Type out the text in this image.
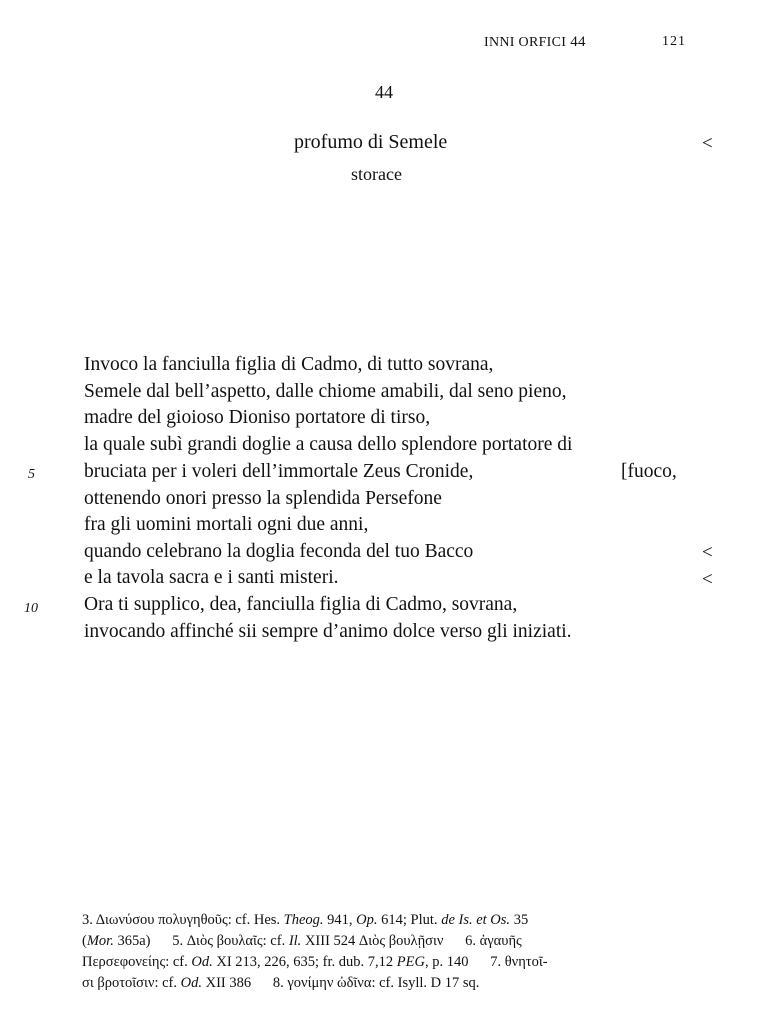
INNI ORFICI 44	121
44
profumo di Semele	<
storace
Invoco la fanciulla figlia di Cadmo, di tutto sovrana,
Semele dal bell’aspetto, dalle chiome amabili, dal seno pieno,
madre del gioioso Dioniso portatore di tirso,
la quale subì grandi doglie a causa dello splendore portatore di
5	bruciata per i voleri dell’immortale Zeus Cronide,	[fuoco,
ottenendo onori presso la splendida Persefone
fra gli uomini mortali ogni due anni,
quando celebrano la doglia feconda del tuo Bacco	<
e la tavola sacra e i santi misteri.	<
10 Ora ti supplico, dea, fanciulla figlia di Cadmo, sovrana,
invocando affinché sii sempre d’animo dolce verso gli iniziati.
3. Διωνύσου πολυγηθοῦς: cf. Hes. Theog. 941, Op. 614; Plut. de Is. et Os. 35
(Mor. 365a)      5. Διὸς βουλαῖς: cf. Il. XIII 524 Διὸς βουλῇσιν      6. ἀγαυῆς
Περσεφονείης: cf. Od. XI 213, 226, 635; fr. dub. 7,12 PEG, p. 140      7. θνητοῖ-
σι βροτοῖσιν: cf. Od. XII 386      8. γονίμην ὠδῖνα: cf. Isyll. D 17 sq.
